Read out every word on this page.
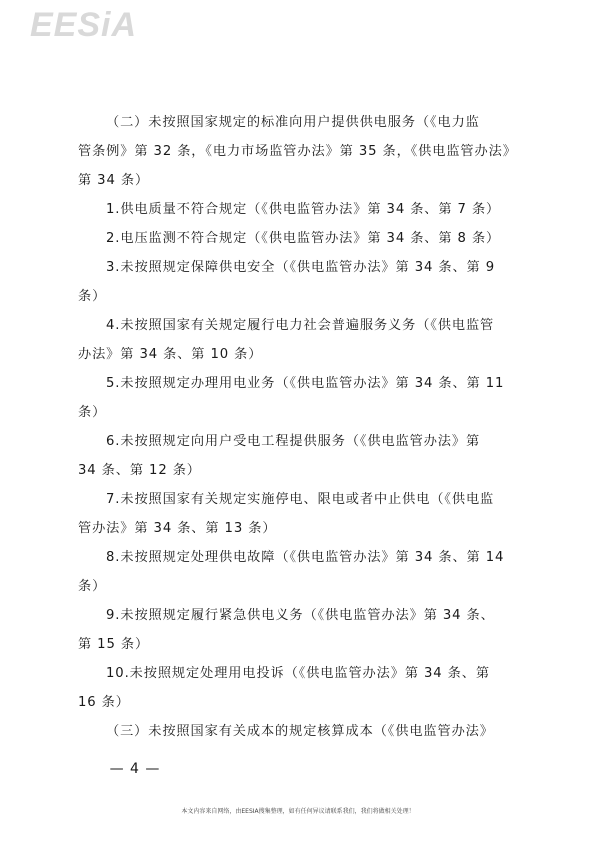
EESiA
（二）未按照国家规定的标准向用户提供供电服务（《电力监
管条例》第 32 条，《电力市场监管办法》第 35 条，《供电监管办法》
第 34 条）
1.供电质量不符合规定（《供电监管办法》第 34 条、第 7 条）
2.电压监测不符合规定（《供电监管办法》第 34 条、第 8 条）
3.未按照规定保障供电安全（《供电监管办法》第 34 条、第 9
条）
4.未按照国家有关规定履行电力社会普遍服务义务（《供电监管
办法》第 34 条、第 10 条）
5.未按照规定办理用电业务（《供电监管办法》第 34 条、第 11
条）
6.未按照规定向用户受电工程提供服务（《供电监管办法》第
34 条、第 12 条）
7.未按照国家有关规定实施停电、限电或者中止供电（《供电监
管办法》第 34 条、第 13 条）
8.未按照规定处理供电故障（《供电监管办法》第 34 条、第 14
条）
9.未按照规定履行紧急供电义务（《供电监管办法》第 34 条、
第 15 条）
10.未按照规定处理用电投诉（《供电监管办法》第 34 条、第
16 条）
（三）未按照国家有关成本的规定核算成本（《供电监管办法》
— 4 —
本文内容来自网络，由EESIA搜集整理，如有任何异议请联系我们，我们将做相关处理！
